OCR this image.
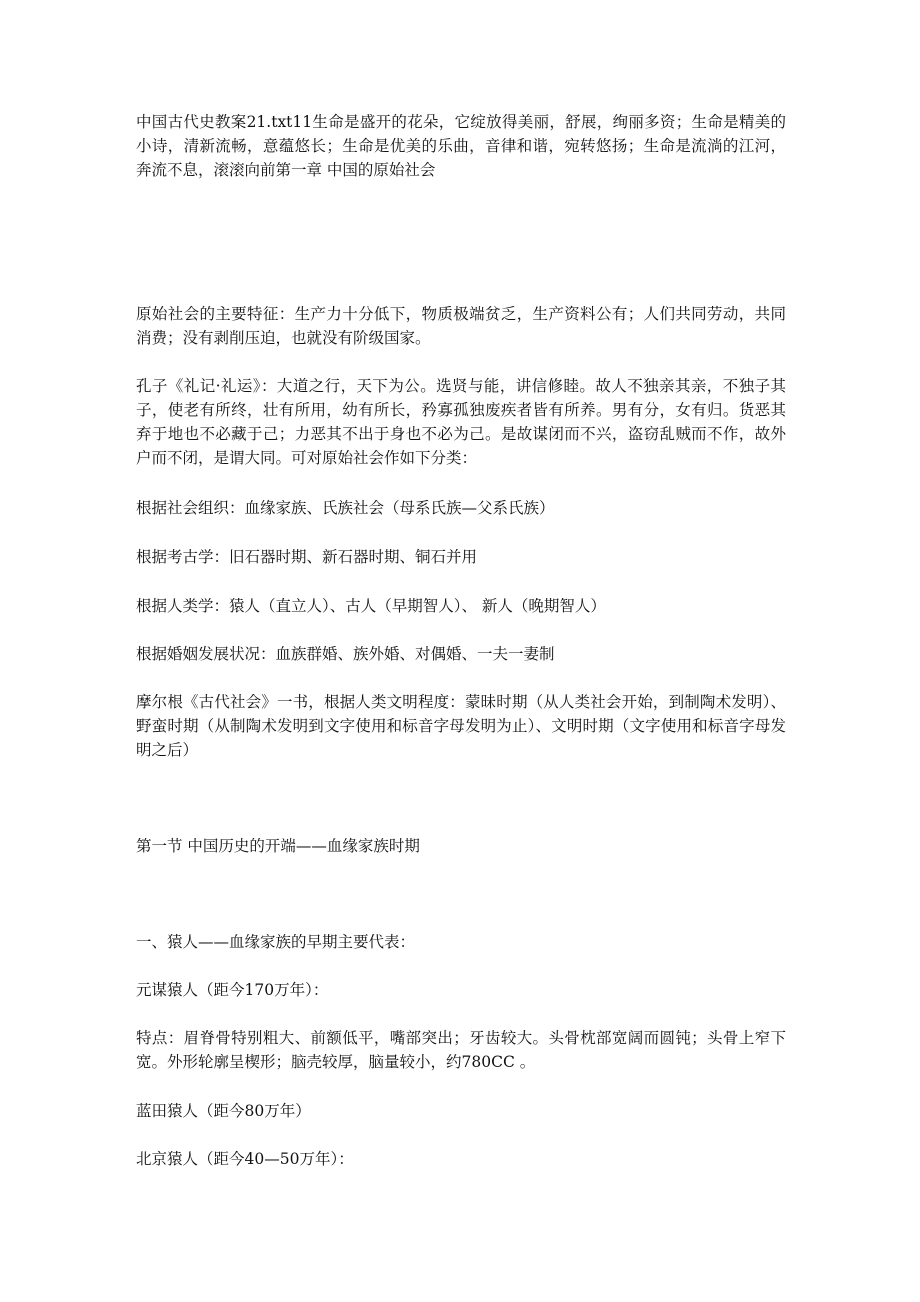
中国古代史教案21.txt11生命是盛开的花朵，它绽放得美丽，舒展，绚丽多资；生命是精美的小诗，清新流畅，意蕴悠长；生命是优美的乐曲，音律和谐，宛转悠扬；生命是流淌的江河，奔流不息，滚滚向前第一章 中国的原始社会

原始社会的主要特征：生产力十分低下，物质极端贫乏，生产资料公有；人们共同劳动，共同消费；没有剥削压迫，也就没有阶级国家。

孔子《礼记·礼运》：大道之行，天下为公。选贤与能，讲信修睦。故人不独亲其亲，不独子其子，使老有所终，壮有所用，幼有所长，矜寡孤独废疾者皆有所养。男有分，女有归。货恶其弃于地也不必藏于己；力恶其不出于身也不必为己。是故谋闭而不兴，盗窃乱贼而不作，故外户而不闭，是谓大同。可对原始社会作如下分类：

根据社会组织：血缘家族、氏族社会（母系氏族—父系氏族）

根据考古学：旧石器时期、新石器时期、铜石并用

根据人类学：猿人（直立人）、古人（早期智人）、 新人（晚期智人）

根据婚姻发展状况：血族群婚、族外婚、对偶婚、一夫一妻制

摩尔根《古代社会》一书，根据人类文明程度：蒙昧时期（从人类社会开始，到制陶术发明）、野蛮时期（从制陶术发明到文字使用和标音字母发明为止）、文明时期（文字使用和标音字母发明之后）

第一节 中国历史的开端——血缘家族时期

一、猿人——血缘家族的早期主要代表：

元谋猿人（距今170万年）：

特点：眉脊骨特别粗大、前额低平，嘴部突出；牙齿较大。头骨枕部宽阔而圆钝；头骨上窄下宽。外形轮廓呈楔形；脑壳较厚，脑量较小，约780CC 。

蓝田猿人（距今80万年）

北京猿人（距今40—50万年）：
